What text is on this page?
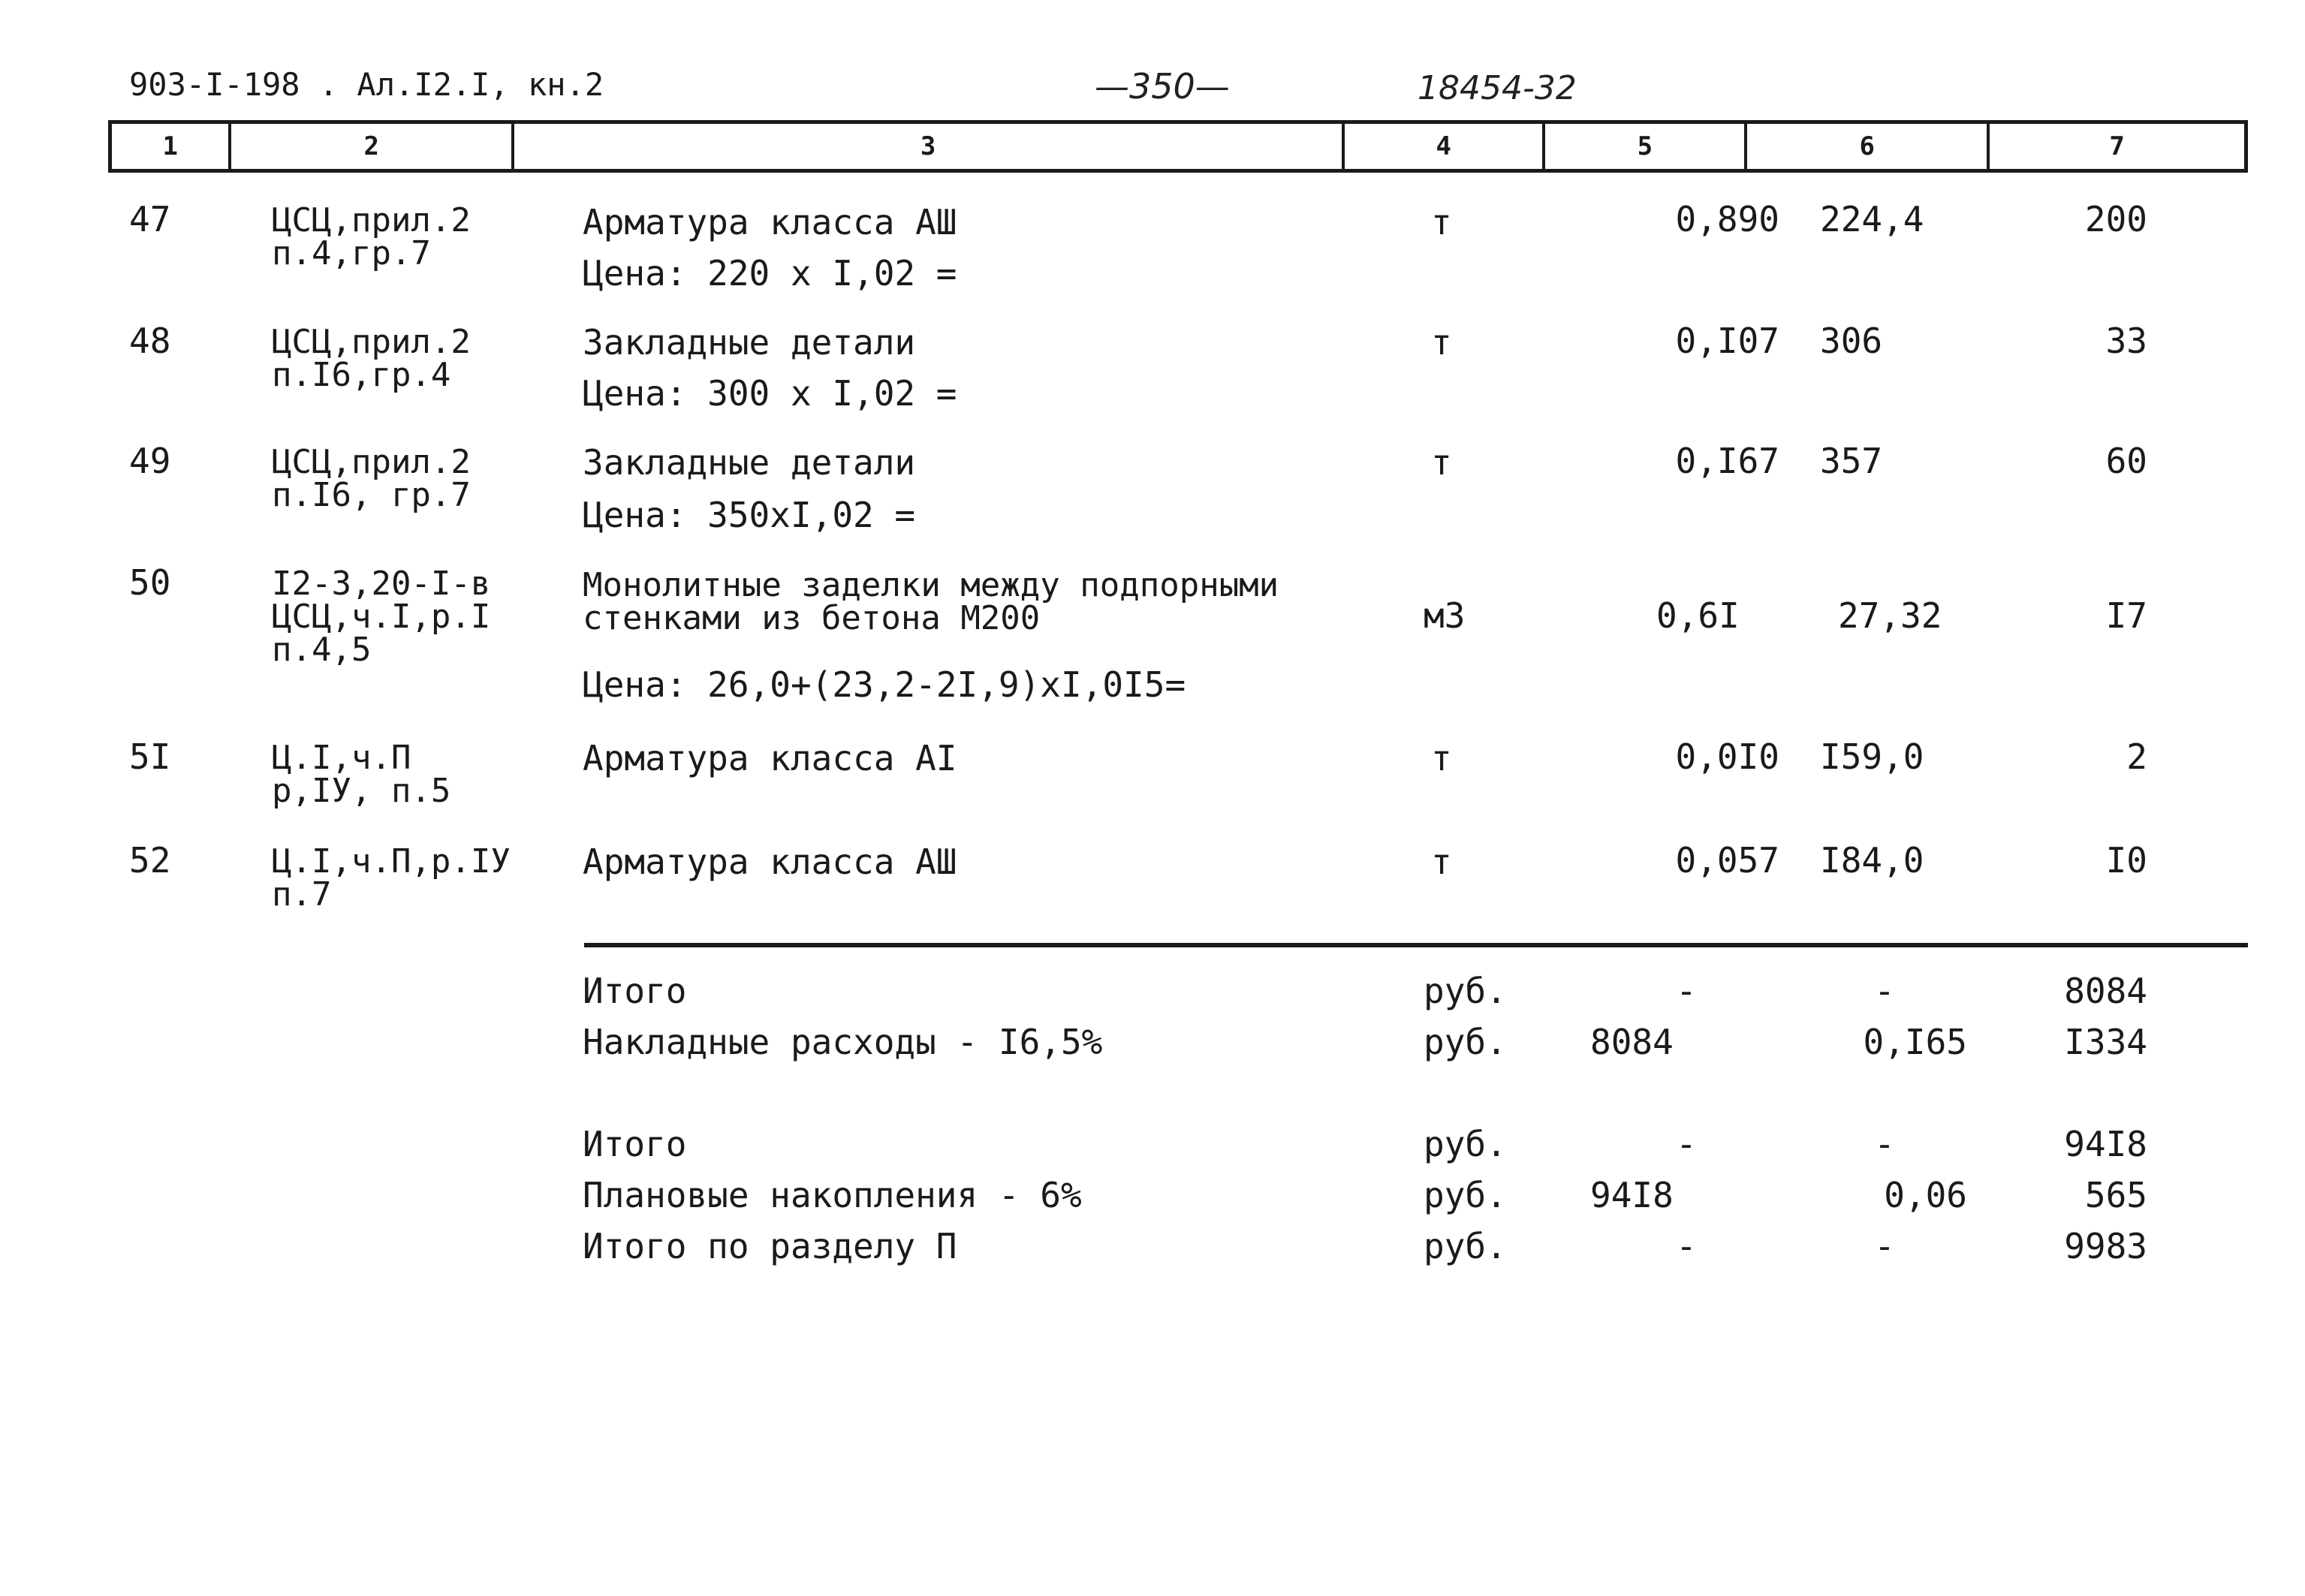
903-I-198 . Ал.I2.I, кн.2	—350—	18454-32
1	2	3	4	5	6	7
47	ЦСЦ,прил.2
п.4,гр.7
Арматура класса АШ
Цена: 220 х I,02 =
т	0,890 224,4	200
48	ЦСЦ,прил.2
п.I6,гр.4
Закладные детали
Цена: 300 х I,02 =
т	0,I07 306	33
49	ЦСЦ,прил.2
п.I6, гр.7
Закладные детали
Цена: 350хI,02 =
т	0,I67 357	60
50	I2-3,20-I-в
ЦСЦ,ч.I,р.I
п.4,5
Монолитные заделки между подпорными
стенками из бетона М200
Цена: 26,0+(23,2-2I,9)хI,0I5=
м3	0,6I	27,32	I7
5I	Ц.I,ч.П
р,IУ, п.5
Арматура класса АI	т	0,0I0 I59,0	2
52	Ц.I,ч.П,р.IУ
п.7
Арматура класса АШ	т	0,057 I84,0	I0
Итого	руб.	-	-	8084
Накладные расходы - I6,5%	руб. 8084	0,I65	I334
Итого	руб.	-	-	94I8
Плановые накопления - 6%	руб. 94I8	0,06	565
Итого по разделу П	руб.	-	-	9983
